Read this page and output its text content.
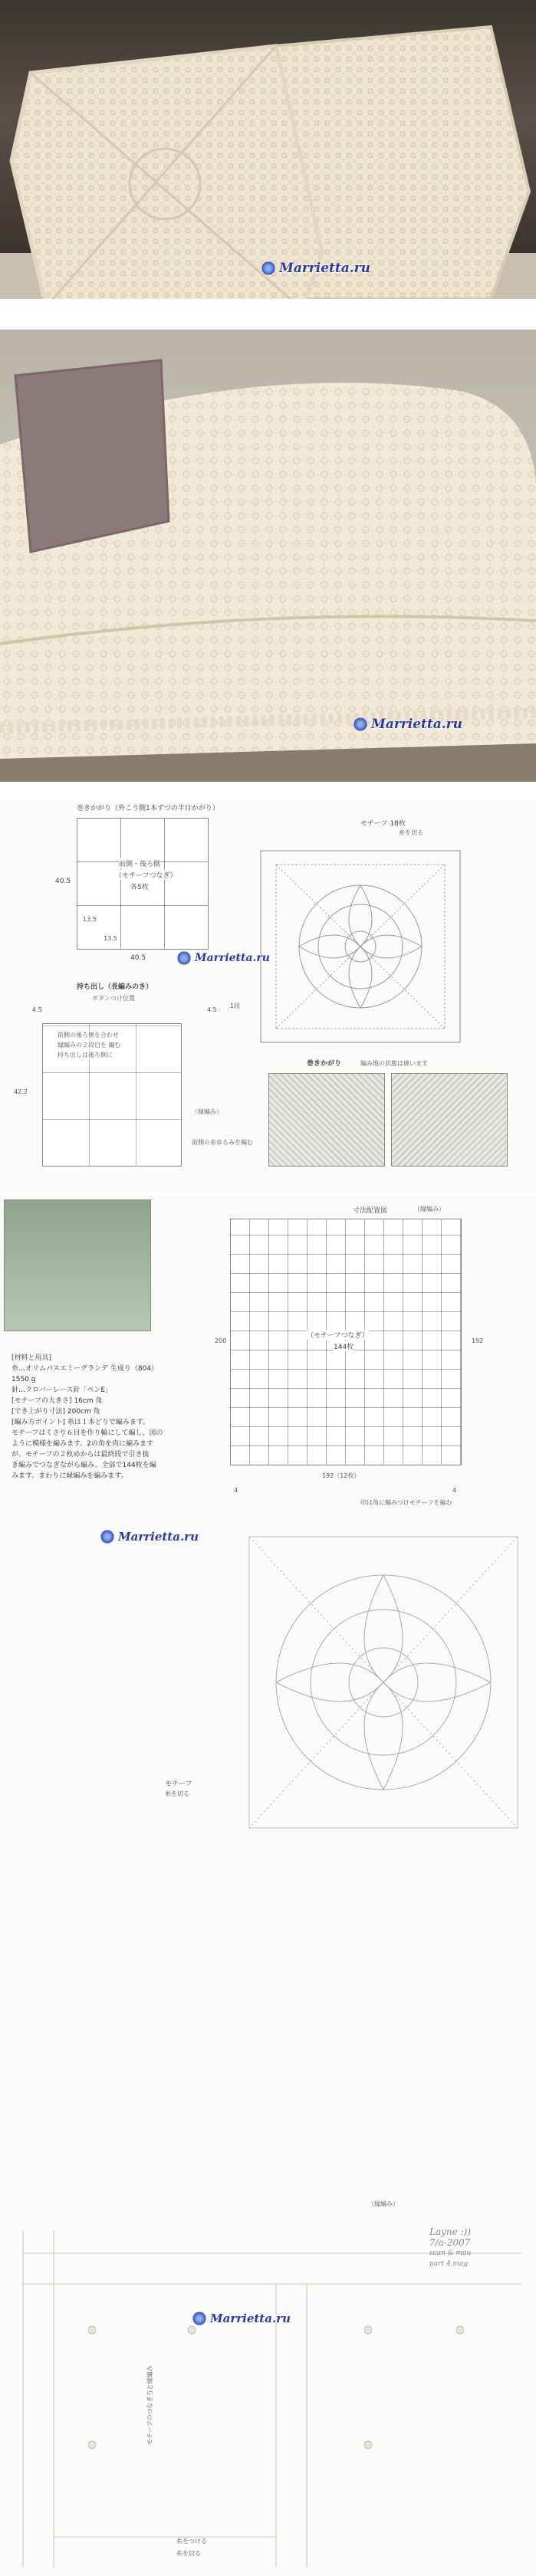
Marrietta.ru
Marrietta.ru
巻きかがり（外こう側1本ずつの半目かがり）
前側・後ろ側
（モチーフつなぎ）
各5枚
40.5
40.5
13.5
13.5
モチーフ 18枚
糸を切る
持ち出し（長編みのき）
ボタンつけ位置
4.5	4.5
1段
42.2
前側の後ろ側を合わせ
縁編みの２段目を 編む
持ち出しは後ろ側に
（縁編み）
前側の糸ゆるみを編む
巻きかがり	編み地の状態は違います
Marrietta.ru
寸法配置図	（縁編み）
（モチーフつなぎ）
144枚
200	192
192（12枚）
4	4
印は角に編みつけモチーフを編む
[材料と用具]
糸…オリムパスエミーグランデ 生成り（804）
1550 g
針…クロバーレース針「ペンE」
[モチーフの大きさ] 16cm 角
[でき上がり寸法] 200cm 角
[編み方ポイント] 糸は１本どりで編みます。
モチーフはくさり６目を作り輪にして編し、図の
ように模様を編みます。2の角を肉に編みます
が、モチーフの２枚めからは最終段で引き抜
き編みでつなぎながら編み、全部で144枚を編
みます。まわりに縁編みを編みます。
Marrietta.ru
モチーフ
糸を切る
（縁編み）
モチーフのつなぎ方と縁編み
糸をつける
糸を切る
Layne :))
7/a-2007
scan & mou
part 4.mag
Marrietta.ru
